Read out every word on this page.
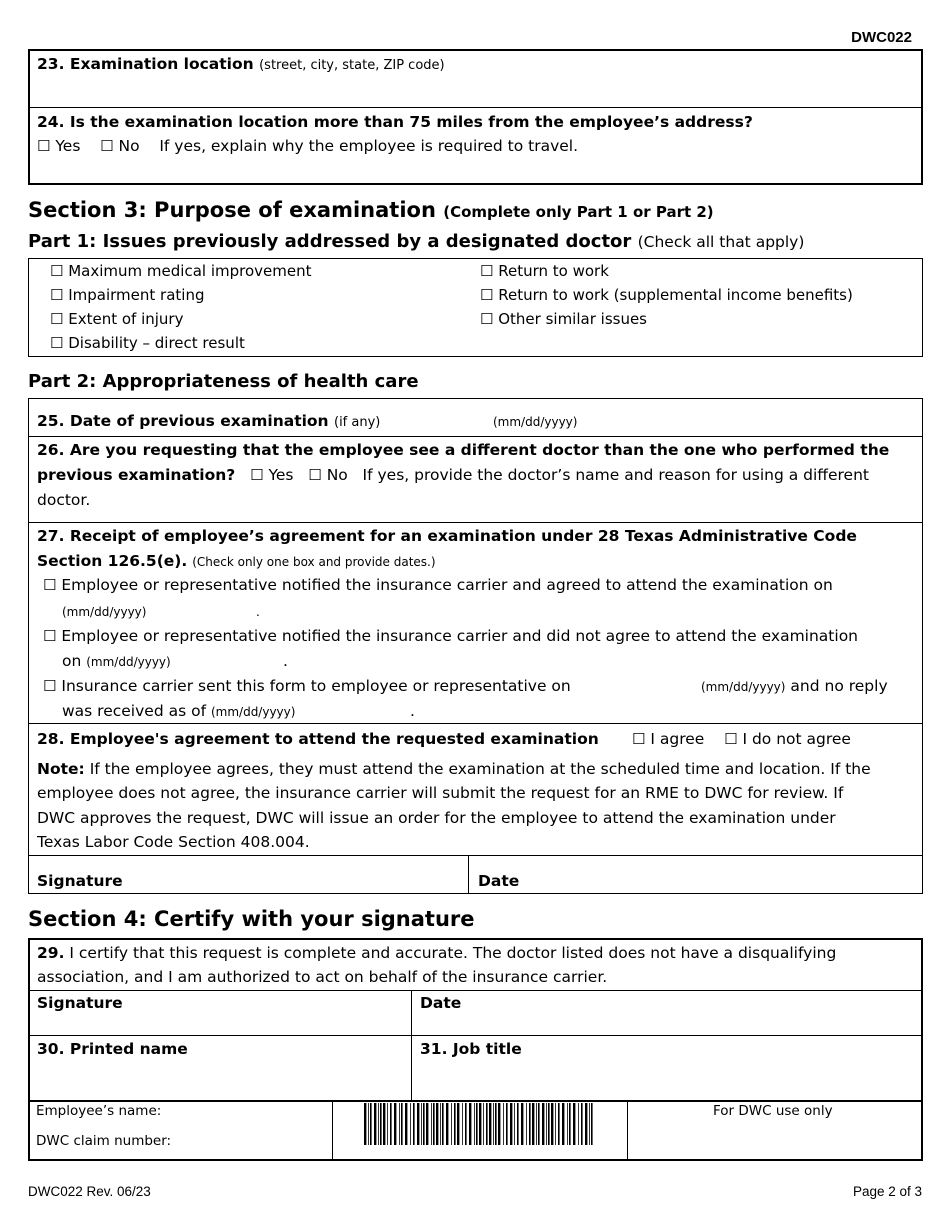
DWC022
23. Examination location (street, city, state, ZIP code)
24. Is the examination location more than 75 miles from the employee’s address?
☐ Yes ☐ No If yes, explain why the employee is required to travel.
Section 3: Purpose of examination (Complete only Part 1 or Part 2)
Part 1: Issues previously addressed by a designated doctor (Check all that apply)
☐ Maximum medical improvement
☐ Impairment rating
☐ Extent of injury
☐ Disability – direct result
☐ Return to work
☐ Return to work (supplemental income benefits)
☐ Other similar issues
Part 2: Appropriateness of health care
25. Date of previous examination (if any)	(mm/dd/yyyy)
26. Are you requesting that the employee see a different doctor than the one who performed the
previous examination? ☐ Yes ☐ No If yes, provide the doctor’s name and reason for using a different
doctor.
27. Receipt of employee’s agreement for an examination under 28 Texas Administrative Code
Section 126.5(e). (Check only one box and provide dates.)
☐ Employee or representative notified the insurance carrier and agreed to attend the examination on
(mm/dd/yyyy)	.
☐ Employee or representative notified the insurance carrier and did not agree to attend the examination
on (mm/dd/yyyy)	.
☐ Insurance carrier sent this form to employee or representative on	(mm/dd/yyyy) and no reply
was received as of (mm/dd/yyyy)	.
28. Employee's agreement to attend the requested examination ☐ I agree ☐ I do not agree
Note: If the employee agrees, they must attend the examination at the scheduled time and location. If the
employee does not agree, the insurance carrier will submit the request for an RME to DWC for review. If
DWC approves the request, DWC will issue an order for the employee to attend the examination under
Texas Labor Code Section 408.004.
Signature	Date
Section 4: Certify with your signature
29. I certify that this request is complete and accurate. The doctor listed does not have a disqualifying
association, and I am authorized to act on behalf of the insurance carrier.
Signature	Date
30. Printed name	31. Job title
Employee’s name:
DWC claim number:
For DWC use only
DWC022 Rev. 06/23	Page 2 of 3
